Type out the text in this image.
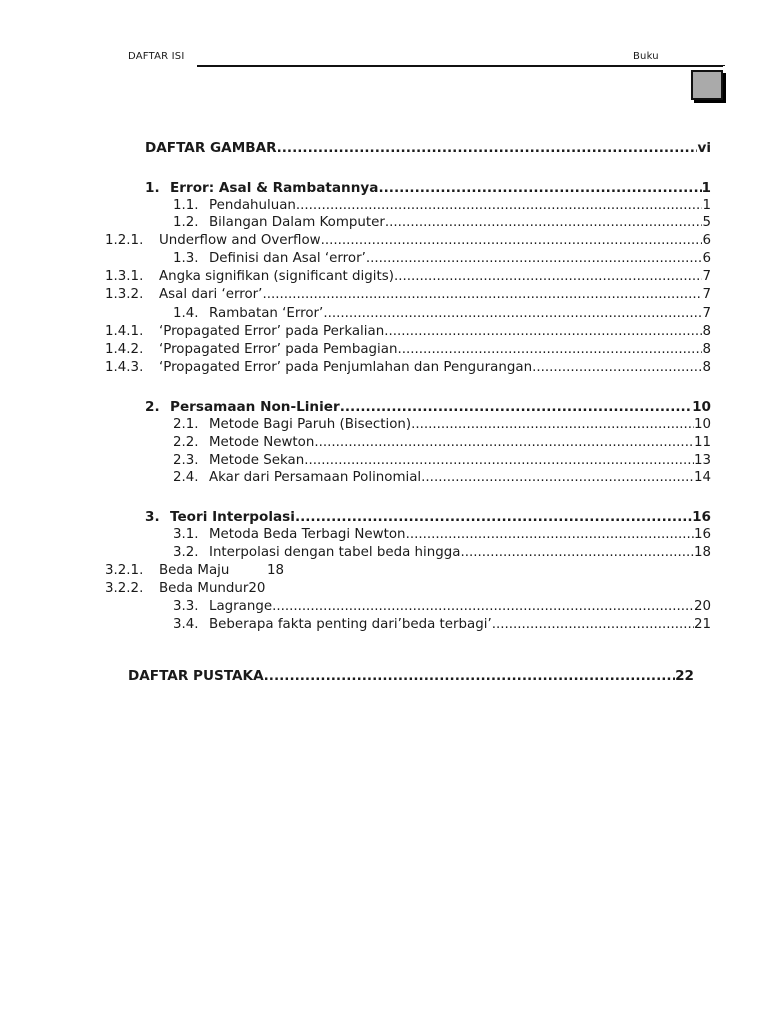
DAFTAR ISI	Buku
DAFTAR GAMBAR .....	vi
1. Error: Asal & Rambatannya .....	1
1.1. Pendahuluan .....	1
1.2. Bilangan Dalam Komputer .....	5
1.2.1.	Underflow and Overflow .....	6
1.3. Definisi dan Asal ‘error’ .....	6
1.3.1.	Angka signifikan (significant digits) .....	7
1.3.2.	Asal dari ‘error’ .....	7
1.4. Rambatan ‘Error’ .....	7
1.4.1.	‘Propagated Error’ pada Perkalian .....	8
1.4.2.	‘Propagated Error’ pada Pembagian .....	8
1.4.3.	‘Propagated Error’ pada Penjumlahan dan Pengurangan .....	8
2. Persamaan Non-Linier .....	10
2.1. Metode Bagi Paruh (Bisection) .....	10
2.2. Metode Newton .....	11
2.3. Metode Sekan .....	13
2.4. Akar dari Persamaan Polinomial .....	14
3. Teori Interpolasi .....	16
3.1. Metoda Beda Terbagi Newton .....	16
3.2. Interpolasi dengan tabel beda hingga .....	18
3.2.1.	Beda Maju	18
3.2.2.	Beda Mundur 20
3.3. Lagrange .....	20
3.4. Beberapa fakta penting dari’beda terbagi’ .....	21
DAFTAR PUSTAKA .....	22
